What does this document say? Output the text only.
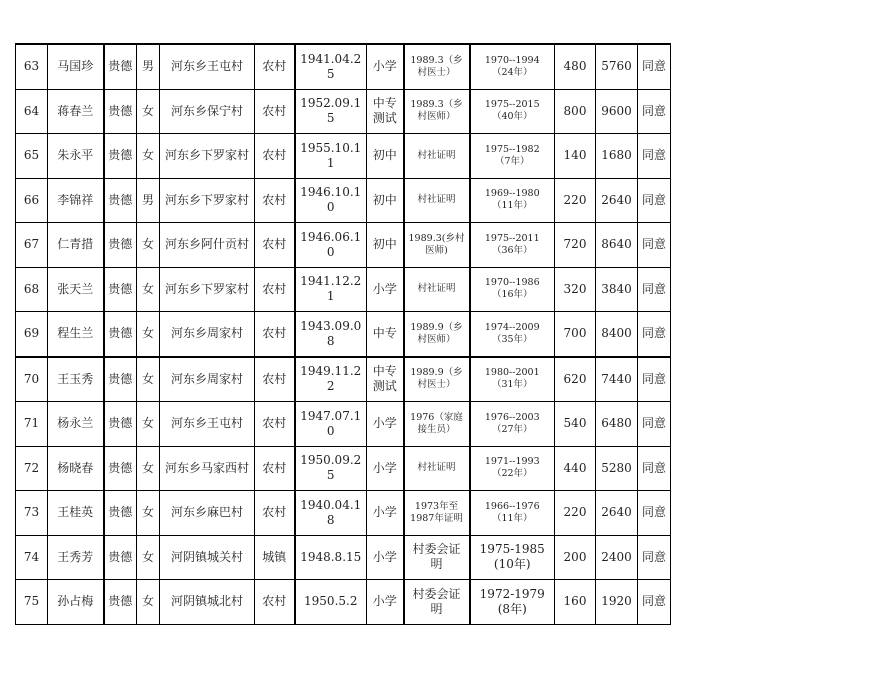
63	马国珍	贵德	男	河东乡王屯村	农村	1941.04.25	小学	1989.3（乡
村医士）	1970--1994
（24年）	480	5760	同意
64	蒋春兰	贵德	女	河东乡保宁村	农村	1952.09.15	中专
测试	1989.3（乡
村医师）	1975--2015
（40年）	800	9600	同意
65	朱永平	贵德	女	河东乡下罗家村	农村	1955.10.11	初中	村社证明	1975--1982
（7年）	140	1680	同意
66	李锦祥	贵德	男	河东乡下罗家村	农村	1946.10.10	初中	村社证明	1969--1980
（11年）	220	2640	同意
67	仁青措	贵德	女	河东乡阿什贡村	农村	1946.06.10	初中	1989.3(乡村
医师)	1975--2011
（36年）	720	8640	同意
68	张天兰	贵德	女	河东乡下罗家村	农村	1941.12.21	小学	村社证明	1970--1986
（16年）	320	3840	同意
69	程生兰	贵德	女	河东乡周家村	农村	1943.09.08	中专	1989.9（乡
村医师）	1974--2009
（35年）	700	8400	同意
70	王玉秀	贵德	女	河东乡周家村	农村	1949.11.22	中专
测试	1989.9（乡
村医士）	1980--2001
（31年）	620	7440	同意
71	杨永兰	贵德	女	河东乡王屯村	农村	1947.07.10	小学	1976（家庭
接生员）	1976--2003
（27年）	540	6480	同意
72	杨晓春	贵德	女	河东乡马家西村	农村	1950.09.25	小学	村社证明	1971--1993
（22年）	440	5280	同意
73	王桂英	贵德	女	河东乡麻巴村	农村	1940.04.18	小学	1973年至
1987年证明	1966--1976
（11年）	220	2640	同意
74	王秀芳	贵德	女	河阴镇城关村	城镇	1948.8.15	小学	村委会证
明	1975-1985
(10年)	200	2400	同意
75	孙占梅	贵德	女	河阴镇城北村	农村	1950.5.2	小学	村委会证
明	1972-1979
(8年)	160	1920	同意
